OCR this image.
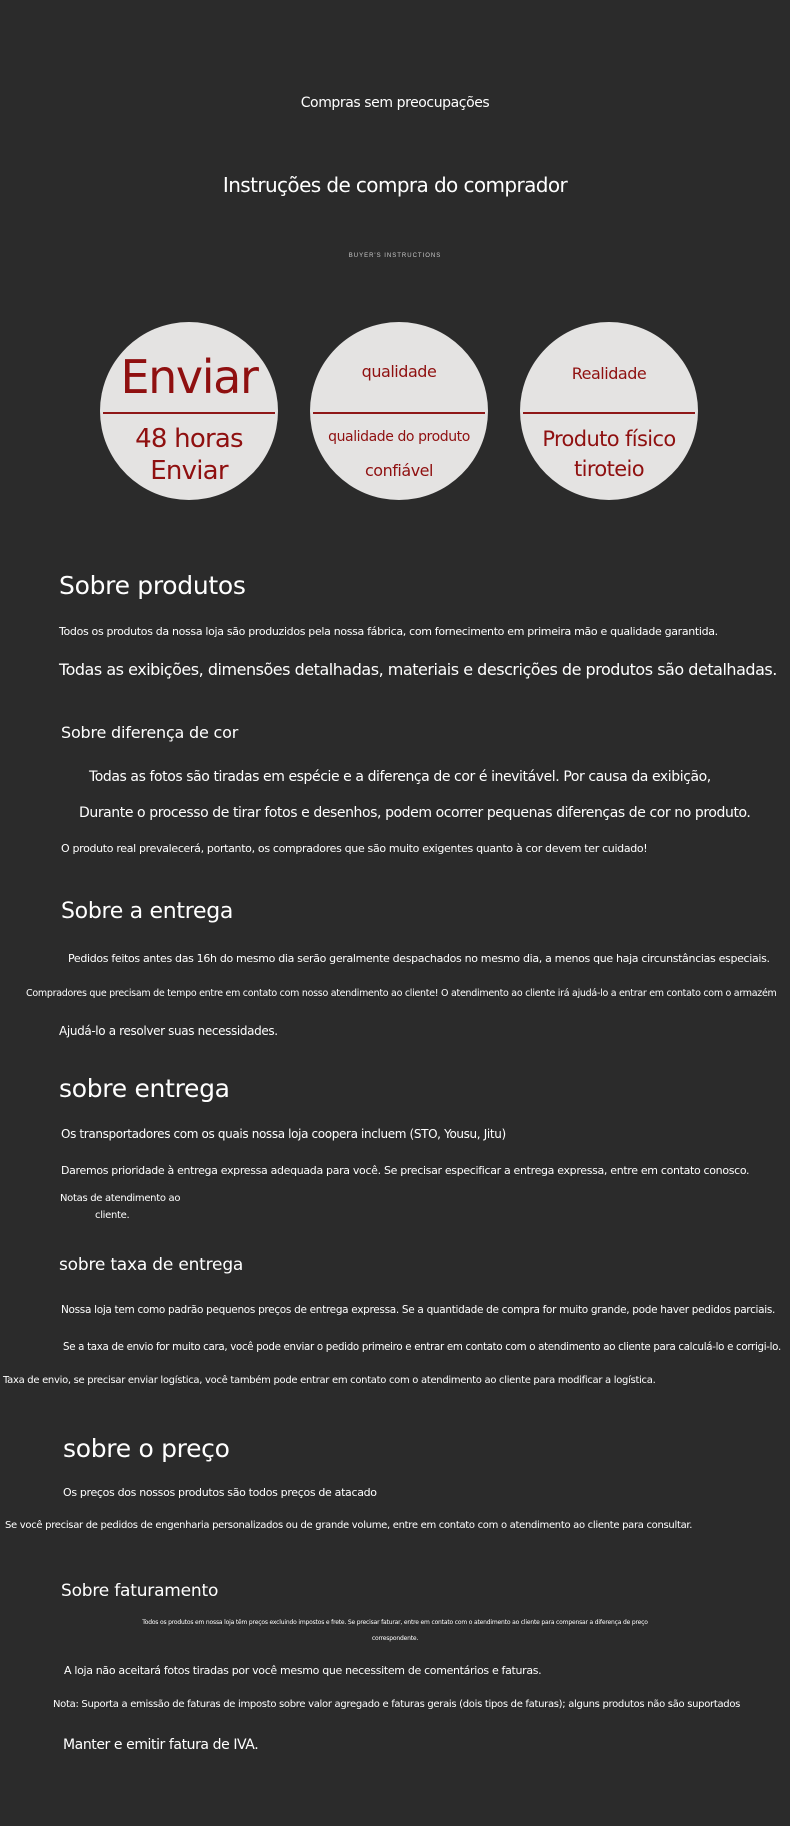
Compras sem preocupações
Instruções de compra do comprador
BUYER'S INSTRUCTIONS
Enviar
48 horas
Enviar
qualidade
qualidade do produto
confiável
Realidade
Produto físico
tiroteio
Sobre produtos
Todos os produtos da nossa loja são produzidos pela nossa fábrica, com fornecimento em primeira mão e qualidade garantida.
Todas as exibições, dimensões detalhadas, materiais e descrições de produtos são detalhadas.
Sobre diferença de cor
Todas as fotos são tiradas em espécie e a diferença de cor é inevitável. Por causa da exibição,
Durante o processo de tirar fotos e desenhos, podem ocorrer pequenas diferenças de cor no produto.
O produto real prevalecerá, portanto, os compradores que são muito exigentes quanto à cor devem ter cuidado!
Sobre a entrega
Pedidos feitos antes das 16h do mesmo dia serão geralmente despachados no mesmo dia, a menos que haja circunstâncias especiais.
Compradores que precisam de tempo entre em contato com nosso atendimento ao cliente! O atendimento ao cliente irá ajudá-lo a entrar em contato com o armazém
Ajudá-lo a resolver suas necessidades.
sobre entrega
Os transportadores com os quais nossa loja coopera incluem (STO, Yousu, Jitu)
Daremos prioridade à entrega expressa adequada para você. Se precisar especificar a entrega expressa, entre em contato conosco.
Notas de atendimento ao
cliente.
sobre taxa de entrega
Nossa loja tem como padrão pequenos preços de entrega expressa. Se a quantidade de compra for muito grande, pode haver pedidos parciais.
Se a taxa de envio for muito cara, você pode enviar o pedido primeiro e entrar em contato com o atendimento ao cliente para calculá-lo e corrigi-lo.
Taxa de envio, se precisar enviar logística, você também pode entrar em contato com o atendimento ao cliente para modificar a logística.
sobre o preço
Os preços dos nossos produtos são todos preços de atacado
Se você precisar de pedidos de engenharia personalizados ou de grande volume, entre em contato com o atendimento ao cliente para consultar.
Sobre faturamento
Todos os produtos em nossa loja têm preços excluindo impostos e frete. Se precisar faturar, entre em contato com o atendimento ao cliente para compensar a diferença de preço
correspondente.
A loja não aceitará fotos tiradas por você mesmo que necessitem de comentários e faturas.
Nota: Suporta a emissão de faturas de imposto sobre valor agregado e faturas gerais (dois tipos de faturas); alguns produtos não são suportados
Manter e emitir fatura de IVA.
